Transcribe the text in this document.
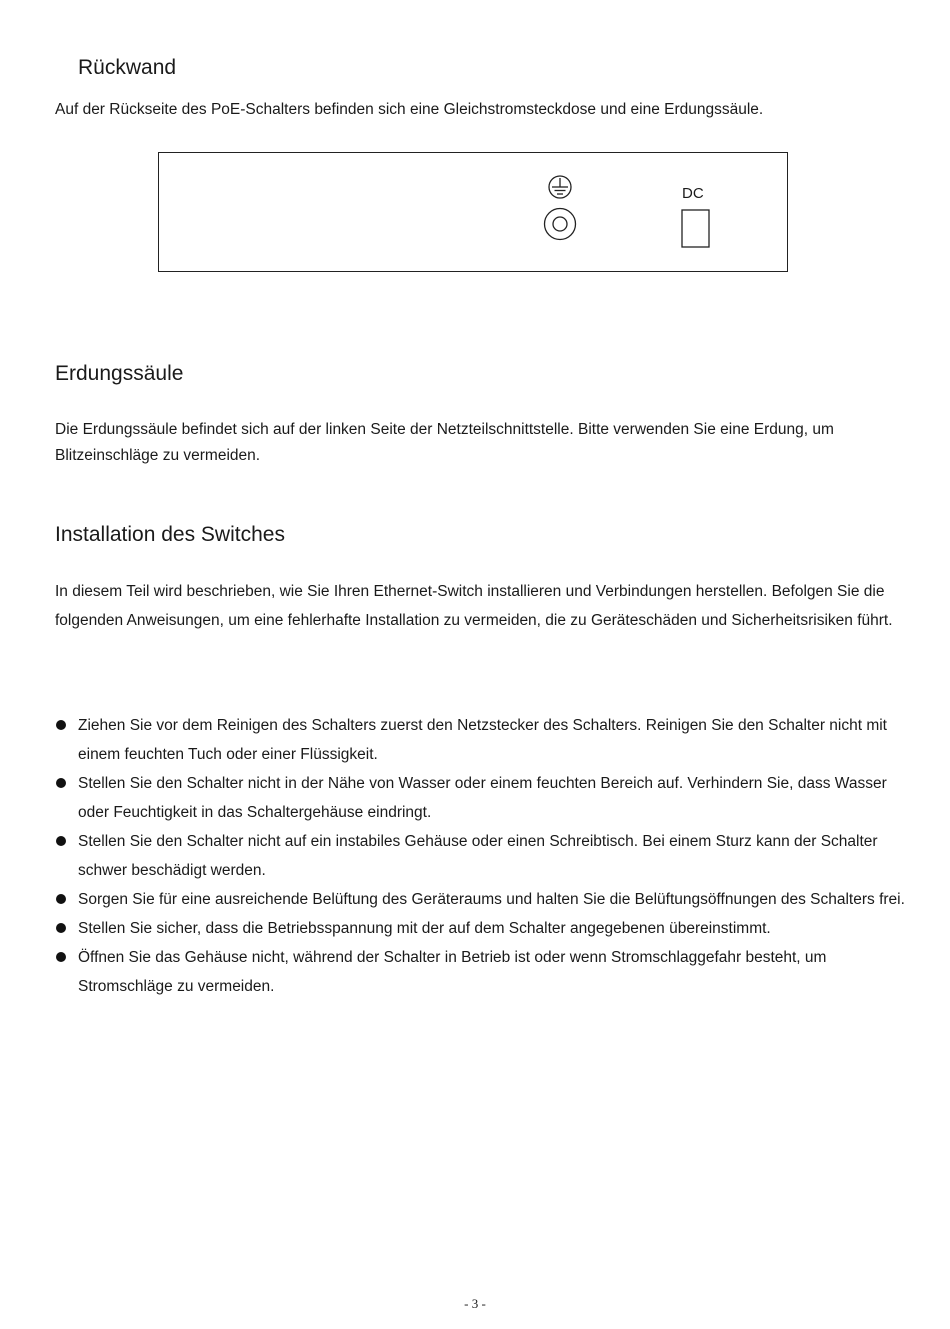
Rückwand

Auf der Rückseite des PoE-Schalters befinden sich eine Gleichstromsteckdose und eine Erdungssäule.

DC
Erdungssäule

Die Erdungssäule befindet sich auf der linken Seite der Netzteilschnittstelle. Bitte verwenden Sie eine Erdung, um Blitzeinschläge zu vermeiden.

Installation des Switches

In diesem Teil wird beschrieben, wie Sie Ihren Ethernet-Switch installieren und Verbindungen herstellen. Befolgen Sie die folgenden Anweisungen, um eine fehlerhafte Installation zu vermeiden, die zu Geräteschäden und Sicherheitsrisiken führt.

Ziehen Sie vor dem Reinigen des Schalters zuerst den Netzstecker des Schalters. Reinigen Sie den Schalter nicht mit einem feuchten Tuch oder einer Flüssigkeit.
Stellen Sie den Schalter nicht in der Nähe von Wasser oder einem feuchten Bereich auf. Verhindern Sie, dass Wasser oder Feuchtigkeit in das Schaltergehäuse eindringt.
Stellen Sie den Schalter nicht auf ein instabiles Gehäuse oder einen Schreibtisch. Bei einem Sturz kann der Schalter schwer beschädigt werden.
Sorgen Sie für eine ausreichende Belüftung des Geräteraums und halten Sie die Belüftungsöffnungen des Schalters frei.
Stellen Sie sicher, dass die Betriebsspannung mit der auf dem Schalter angegebenen übereinstimmt.
Öffnen Sie das Gehäuse nicht, während der Schalter in Betrieb ist oder wenn Stromschlaggefahr besteht, um Stromschläge zu vermeiden.
- 3 -
